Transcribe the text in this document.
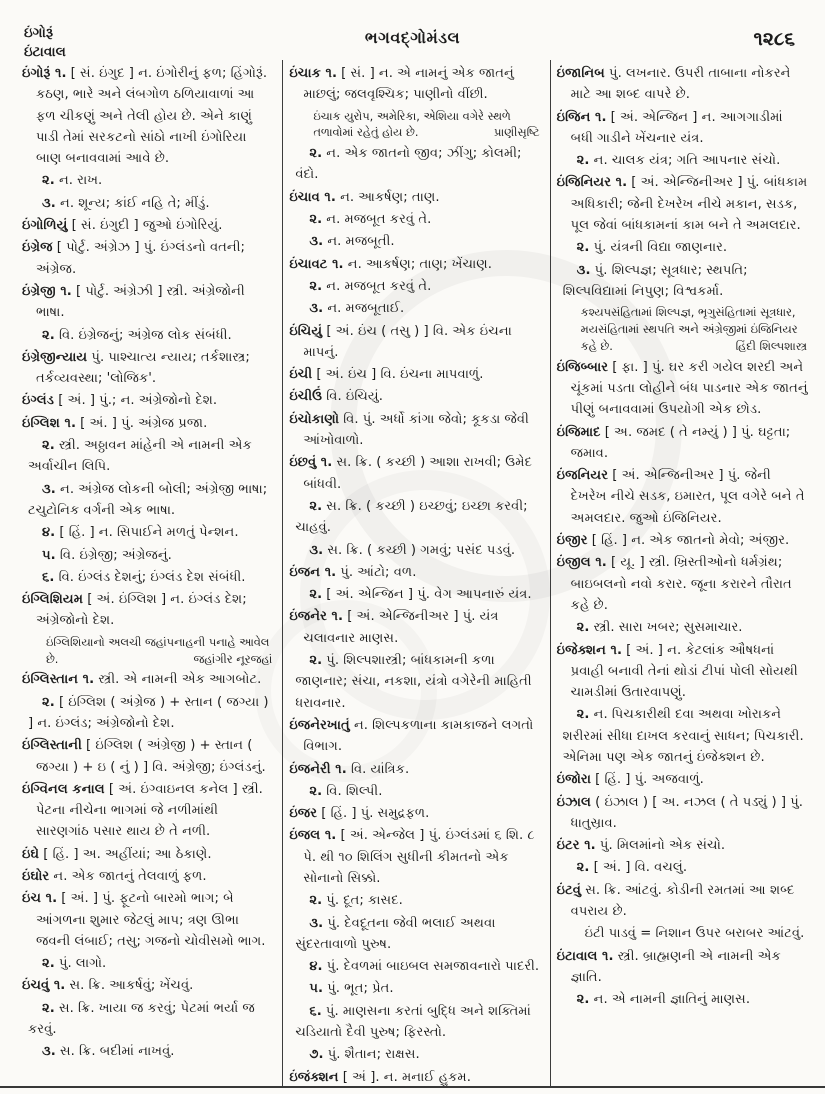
ઇંગોરૂં
ઇંટાવાલ
ભગવદ્ગોમંડલ	૧૨૮૬

ઇંગોરૂં ૧. [ સં. ઇંગુદ ] ન. ઇંગોરીનું ફળ; હિંગોરૂં. કઠણ, ભારે અને લંબગોળ ઠળિયાવાળાં આ ફળ ચીકણું અને તેલી હોય છે. એને કાણું પાડી તેમાં સરકટનો સાંઠો નાખી ઇંગોરિયા બાણ બનાવવામાં આવે છે.

૨. ન. રાખ.

૩. ન. શૂન્ય; કાંઈ નહિ તે; મીંડું.

ઇંગોળિયું [ સં. ઇંગુદી ] જુઓ ઇંગોરિયું.

ઇંગ્રેજ [ પોર્ટુ. અંગ્રેઝ ] પું. ઇંગ્લંડનો વતની; અંગ્રેજ.

ઇંગ્રેજી ૧. [ પોર્ટુ. અંગ્રેઝી ] સ્ત્રી. અંગ્રેજોની ભાષા.

૨. વિ. ઇંગ્રેજનું; અંગ્રેજ લોક સંબંધી.

ઇંગ્રેજીન્યાય પું. પાશ્ચાત્ય ન્યાય; તર્કશાસ્ત્ર; તર્કવ્યવસ્થા; 'લોજિક'.

ઇંગ્લંડ [ અં. ] પું.; ન. અંગ્રેજોનો દેશ.

ઇંગ્લિશ ૧. [ અં. ] પું. અંગ્રેજ પ્રજા.

૨. સ્ત્રી. અઠ્ઠાવન માંહેની એ નામની એક અર્વાચીન લિપિ.

૩. ન. અંગ્રેજ લોકની બોલી; અંગ્રેજી ભાષા; ટચુટોનિક વર્ગની એક ભાષા.

૪. [ હિં. ] ન. સિપાઈને મળતું પેન્શન.

૫. વિ. ઇંગ્રેજી; અંગ્રેજનું.

૬. વિ. ઇંગ્લંડ દેશનું; ઇંગ્લંડ દેશ સંબંધી.

ઇંગ્લિશિયમ [ અં. ઇંગ્લિશ ] ન. ઇંગ્લંડ દેશ; અંગ્રેજોનો દેશ.

ઇંગ્લિશિયાનો અલચી જહાંપનાહની પનાહે આવેલ છે.	જહાંગીર નૂરજહાં

ઇંગ્લિસ્તાન ૧. સ્ત્રી. એ નામની એક આગબોટ.

૨. [ ઇંગ્લિશ ( અંગ્રેજ ) + સ્તાન ( જગ્યા ) ] ન. ઇંગ્લંડ; અંગ્રેજોનો દેશ.

ઇંગ્લિસ્તાની [ ઇંગ્લિશ ( અંગ્રેજી ) + સ્તાન ( જગ્યા ) + ઇ ( નું ) ] વિ. અંગ્રેજી; ઇંગ્લંડનું.

ઇંગ્વિનલ કનાલ [ અં. ઇંગ્વાઇનલ કનેલ ] સ્ત્રી. પેટના નીચેના ભાગમાં જે નળીમાંથી સારણગાંઠ પસાર થાય છે તે નળી.

ઇંઘે [ હિં. ] અ. અહીંયાં; આ ઠેકાણે.

ઇંઘોર ન. એક જાતનું તેલવાળું ફળ.

ઇંચ ૧. [ અં. ] પું. ફૂટનો બારમો ભાગ; બે આંગળના શુમાર જેટલું માપ; ત્રણ ઊભા જવની લંબાઈ; તસુ; ગજનો ચોવીસમો ભાગ.

૨. પું. લાગો.

ઇંચવું ૧. સ. ક્રિ. આકર્ષવું; ખેંચવું.

૨. સ. ક્રિ. ખાયા જ કરવું; પેટમાં ભર્યા જ કરવું.

૩. સ. ક્રિ. બદીમાં નાખવું.

ઇંચાક ૧. [ સં. ] ન. એ નામનું એક જાતનું માછલું; જલવૃશ્ચિક; પાણીનો વીંછી.

ઇંચાક યુરોપ, અમેરિકા, એશિયા વગેરે સ્થળે તળાવોમાં રહેતું હોય છે.	પ્રાણીસૃષ્ટિ

૨. ન. એક જાતનો જીવ; ઝીંગુ; કોલમી; વંદો.

ઇંચાવ ૧. ન. આકર્ષણ; તાણ.

૨. ન. મજબૂત કરવું તે.

૩. ન. મજબૂતી.

ઇંચાવટ ૧. ન. આકર્ષણ; તાણ; ખેંચાણ.

૨. ન. મજબૂત કરવું તે.

૩. ન. મજબૂતાઈ.

ઇંચિયું [ અં. ઇંચ ( તસુ ) ] વિ. એક ઇંચના માપનું.

ઇંચી [ અં. ઇંચ ] વિ. ઇંચના માપવાળું.

ઇંચીઉં વિ. ઇંચિયું.

ઇંચોકાણો વિ. પું. અર્ધો કાંગા જેવો; કૂકડા જેવી આંખોવાળો.

ઇંછવું ૧. સ. ક્રિ. ( કચ્છી ) આશા રાખવી; ઉમેદ બાંધવી.

૨. સ. ક્રિ. ( કચ્છી ) ઇચ્છવું; ઇચ્છા કરવી; ચાહવું.

૩. સ. ક્રિ. ( કચ્છી ) ગમવું; પસંદ પડવું.

ઇંજન ૧. પું. આંટો; વળ.

૨. [ અં. એન્જિન ] પું. વેગ આપનારું યંત્ર.

ઇંજનેર ૧. [ અં. એન્જિનીઅર ] પું. યંત્ર ચલાવનાર માણસ.

૨. પું. શિલ્પશાસ્ત્રી; બાંધકામની કળા જાણનાર; સંચા, નકશા, યંત્રો વગેરેની માહિતી ધરાવનાર.

ઇંજનેરખાતું ન. શિલ્પકળાના કામકાજને લગતો વિભાગ.

ઇંજનેરી ૧. વિ. યાંત્રિક.

૨. વિ. શિલ્પી.

ઇંજર [ હિં. ] પું. સમુદ્રફળ.

ઇંજલ ૧. [ અં. એન્જેલ ] પું. ઇંગ્લંડમાં ૬ શિ. ૮ પે. થી ૧૦ શિલિંગ સુધીની કીમતનો એક સોનાનો સિક્કો.

૨. પું. દૂત; કાસદ.

૩. પું. દેવદૂતના જેવી ભલાઈ અથવા સુંદરતાવાળો પુરુષ.

૪. પું. દેવળમાં બાઇબલ સમજાવનારો પાદરી.

૫. પું. ભૂત; પ્રેત.

૬. પું. માણસના કરતાં બુદ્ધિ અને શક્તિમાં ચડિયાતો દૈવી પુરુષ; ફિરસ્તો.

૭. પું. શૈતાન; રાક્ષસ.

ઇંજંક્શન [ અં ]. ન. મનાઈ હુકમ.

ઇંજાનિબ પું. લખનાર. ઉપરી તાબાના નોકરને માટે આ શબ્દ વાપરે છે.

ઇંજિન ૧. [ અં. એન્જિન ] ન. આગગાડીમાં બધી ગાડીને ખેંચનાર યંત્ર.

૨. ન. ચાલક યંત્ર; ગતિ આપનાર સંચો.

ઇંજિનિયર ૧. [ અં. એન્જિનીઅર ] પું. બાંધકામ અધિકારી; જેની દેખરેખ નીચે મકાન, સડક, પૂલ જેવાં બાંધકામનાં કામ બને તે અમલદાર.

૨. પું. યંત્રની વિદ્યા જાણનાર.

૩. પું. શિલ્પજ્ઞ; સૂત્રધાર; સ્થપતિ; શિલ્પવિદ્યામાં નિપુણ; વિશ્વકર્મા.

કશ્યપસંહિતામાં શિલ્પજ્ઞ, ભૃગુસંહિતામાં સૂત્રધાર, મયસંહિતામાં સ્થપતિ અને અંગ્રેજીમાં ઇંજિનિયર કહે છે.	હિંદી શિલ્પશાસ્ત્ર

ઇંજિબ્બાર [ ફા. ] પું. ઘર કરી ગયેલ શરદી અને ચૂંકમાં પડતા લોહીને બંધ પાડનાર એક જાતનું પીણું બનાવવામાં ઉપયોગી એક છોડ.

ઇંજિમાદ [ અ. જમદ ( તે નમ્યું ) ] પું. ઘટ્ટતા; જમાવ.

ઇંજનિયર [ અં. એન્જિનીઅર ] પું. જેની દેખરેખ નીચે સડક, ઇમારત, પૂલ વગેરે બને તે અમલદાર. જુઓ ઇંજિનિયર.

ઇંજીર [ હિં. ] ન. એક જાતનો મેવો; અંજીર.

ઇંજીલ ૧. [ યૂ. ] સ્ત્રી. ખ્રિસ્તીઓનો ધર્મગ્રંથ; બાઇબલનો નવો કરાર. જૂના કરારને તૌરાત કહે છે.

૨. સ્ત્રી. સારા ખબર; સુસમાચાર.

ઇંજેક્શન ૧. [ અં. ] ન. કેટલાંક ઔષધનાં પ્રવાહી બનાવી તેનાં થોડાં ટીપાં પોલી સોયથી ચામડીમાં ઉતારવાપણું.

૨. ન. પિચકારીથી દવા અથવા ખોરાકને શરીરમાં સીધા દાખલ કરવાનું સાધન; પિચકારી. એનિમા પણ એક જાતનું ઇંજેક્શન છે.

ઇંજોરા [ હિં. ] પું. અજવાળું.

ઇંઝાલ ( ઇંઝાલ ) [ અ. નઝલ ( તે પડ્યું ) ] પું. ધાતુસ્રાવ.

ઇંટર ૧. પું. મિલમાંનો એક સંચો.

૨. [ અં. ] વિ. વચલું.

ઇંટવું સ. ક્રિ. આંટવું. કોડીની રમતમાં આ શબ્દ વપરાય છે.

ઇંટી પાડવું = નિશાન ઉપર બરાબર આંટવું.

ઇંટાવાલ ૧. સ્ત્રી. બ્રાહ્મણની એ નામની એક જ્ઞાતિ.

૨. ન. એ નામની જ્ઞાતિનું માણસ.
